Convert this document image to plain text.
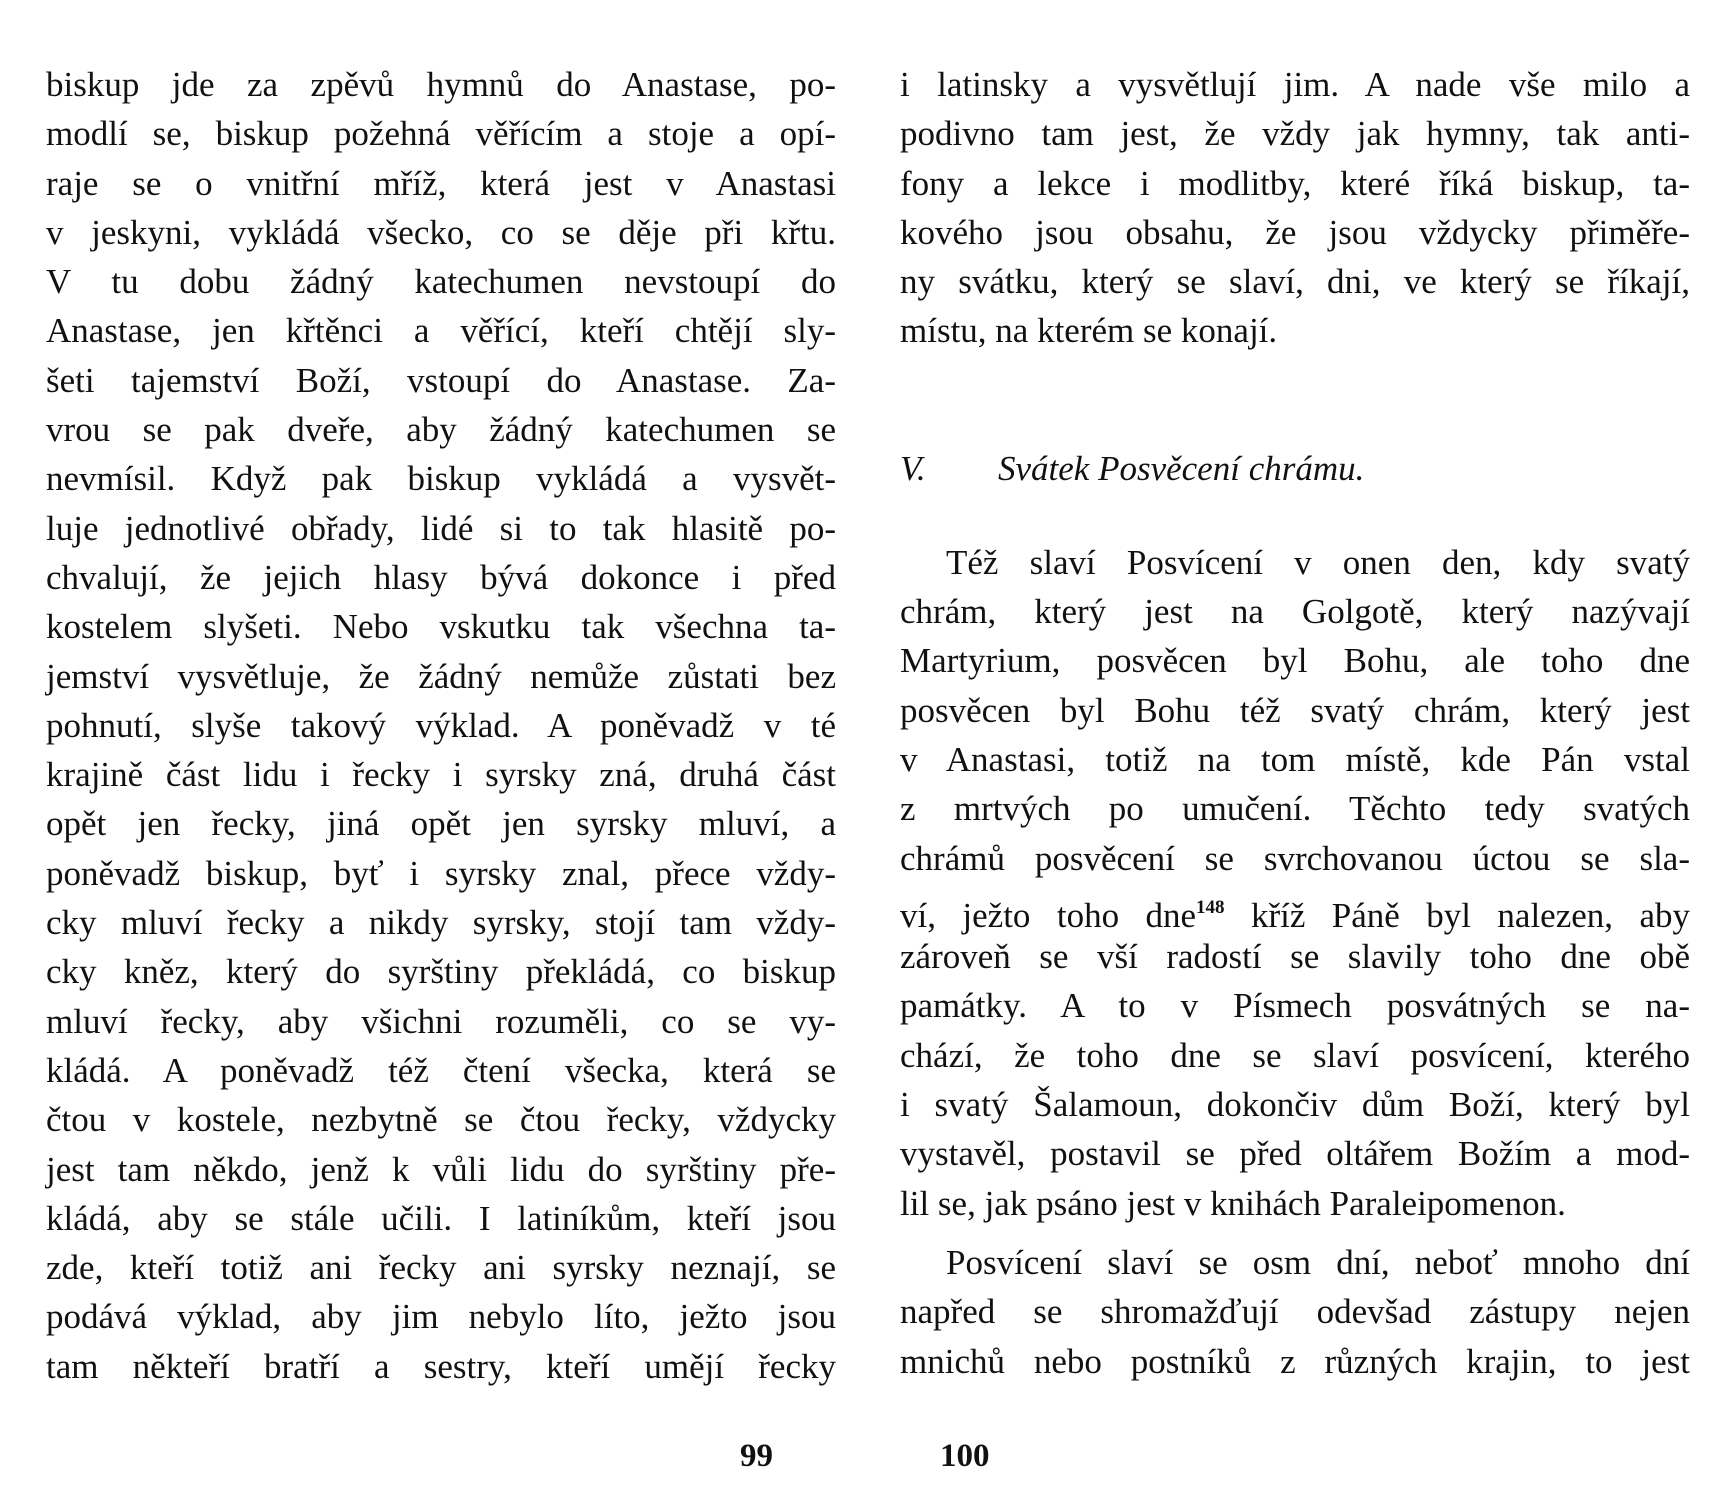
biskup jde za zpěvů hymnů do Anastase, po-
modlí se, biskup požehná věřícím a stoje a opí-
raje se o vnitřní mříž, která jest v Anastasi
v jeskyni, vykládá všecko, co se děje při křtu.
V tu dobu žádný katechumen nevstoupí do
Anastase, jen křtěnci a věřící, kteří chtějí sly-
šeti tajemství Boží, vstoupí do Anastase. Za-
vrou se pak dveře, aby žádný katechumen se
nevmísil. Když pak biskup vykládá a vysvět-
luje jednotlivé obřady, lidé si to tak hlasitě po-
chvalují, že jejich hlasy bývá dokonce i před
kostelem slyšeti. Nebo vskutku tak všechna ta-
jemství vysvětluje, že žádný nemůže zůstati bez
pohnutí, slyše takový výklad. A poněvadž v té
krajině část lidu i řecky i syrsky zná, druhá část
opět jen řecky, jiná opět jen syrsky mluví, a
poněvadž biskup, byť i syrsky znal, přece vždy-
cky mluví řecky a nikdy syrsky, stojí tam vždy-
cky kněz, který do syrštiny překládá, co biskup
mluví řecky, aby všichni rozuměli, co se vy-
kládá. A poněvadž též čtení všecka, která se
čtou v kostele, nezbytně se čtou řecky, vždycky
jest tam někdo, jenž k vůli lidu do syrštiny pře-
kládá, aby se stále učili. I latiníkům, kteří jsou
zde, kteří totiž ani řecky ani syrsky neznají, se
podává výklad, aby jim nebylo líto, ježto jsou
tam někteří bratří a sestry, kteří umějí řecky
i latinsky a vysvětlují jim. A nade vše milo a
podivno tam jest, že vždy jak hymny, tak anti-
fony a lekce i modlitby, které říká biskup, ta-
kového jsou obsahu, že jsou vždycky přiměře-
ny svátku, který se slaví, dni, ve který se říkají,
místu, na kterém se konají.
V. Svátek Posvěcení chrámu.
Též slaví Posvícení v onen den, kdy svatý
chrám, který jest na Golgotě, který nazývají
Martyrium, posvěcen byl Bohu, ale toho dne
posvěcen byl Bohu též svatý chrám, který jest
v Anastasi, totiž na tom místě, kde Pán vstal
z mrtvých po umučení. Těchto tedy svatých
chrámů posvěcení se svrchovanou úctou se sla-
ví, ježto toho dne$^{148}$ kříž Páně byl nalezen, aby
zároveň se vší radostí se slavily toho dne obě
památky. A to v Písmech posvátných se na-
chází, že toho dne se slaví posvícení, kterého
i svatý Šalamoun, dokončiv dům Boží, který byl
vystavěl, postavil se před oltářem Božím a mod-
lil se, jak psáno jest v knihách Paraleipomenon.
Posvícení slaví se osm dní, neboť mnoho dní
napřed se shromažďují odevšad zástupy nejen
mnichů nebo postníků z různých krajin, to jest
99	100
